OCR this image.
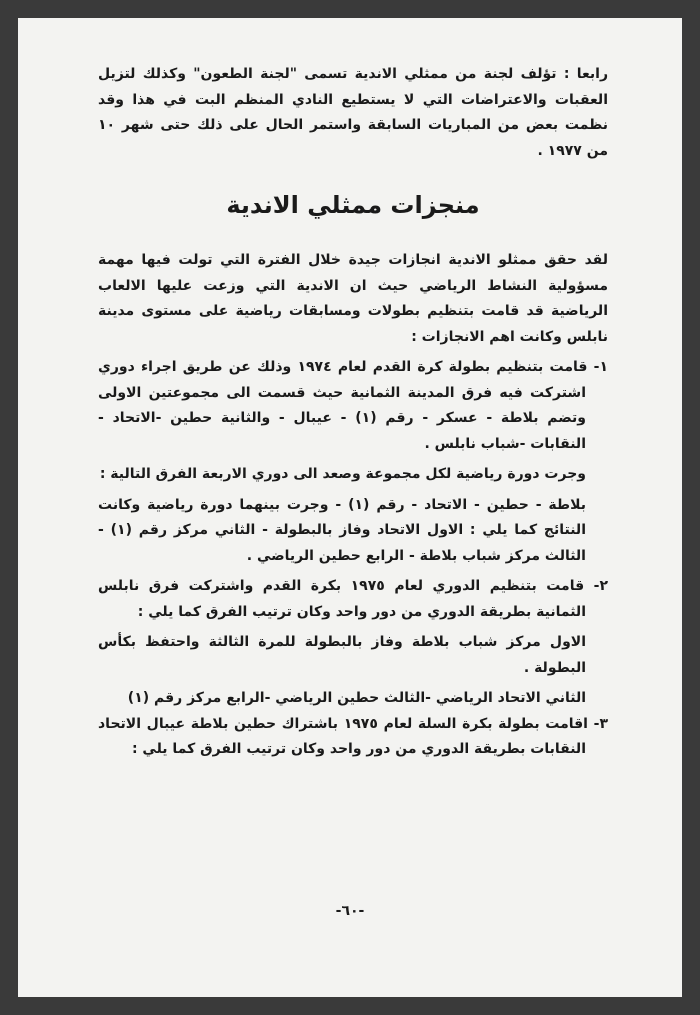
رابعا : تؤلف لجنة من ممثلي الاندية تسمى "لجنة الطعون" وكذلك لتزيل العقبات والاعتراضات التي لا يستطيع النادي المنظم البت في هذا وقد نظمت بعض من المباريات السابقة واستمر الحال على ذلك حتى شهر ١٠ من ١٩٧٧ .

منجزات ممثلي الاندية

لقد حقق ممثلو الاندية انجازات جيدة خلال الفترة التي تولت فيها مهمة مسؤولية النشاط الرياضي حيث ان الاندية التي وزعت عليها الالعاب الرياضية قد قامت بتنظيم بطولات ومسابقات رياضية على مستوى مدينة نابلس وكانت اهم الانجازات :

١- قامت بتنظيم بطولة كرة القدم لعام ١٩٧٤ وذلك عن طريق اجراء دوري اشتركت فيه فرق المدينة الثمانية حيث قسمت الى مجموعتين الاولى وتضم بلاطة - عسكر - رقم (١) - عيبال - والثانية حطين -الاتحاد - النقابات -شباب نابلس .

وجرت دورة رياضية لكل مجموعة وصعد الى دوري الاربعة الفرق التالية :

بلاطة - حطين - الاتحاد - رقم (١) - وجرت بينهما دورة رياضية وكانت النتائج كما يلي : الاول الاتحاد وفاز بالبطولة - الثاني مركز رقم (١) - الثالث مركز شباب بلاطة - الرابع حطين الرياضي .

٢- قامت بتنظيم الدوري لعام ١٩٧٥ بكرة القدم واشتركت فرق نابلس الثمانية بطريقة الدوري من دور واحد وكان ترتيب الفرق كما يلي :

الاول مركز شباب بلاطة وفاز بالبطولة للمرة الثالثة واحتفظ بكأس البطولة .

الثاني الاتحاد الرياضي -الثالث حطين الرياضي -الرابع مركز رقم (١)

٣- اقامت بطولة بكرة السلة لعام ١٩٧٥ باشتراك حطين بلاطة عيبال الاتحاد النقابات بطريقة الدوري من دور واحد وكان ترتيب الفرق كما يلي :

-٦٠-
